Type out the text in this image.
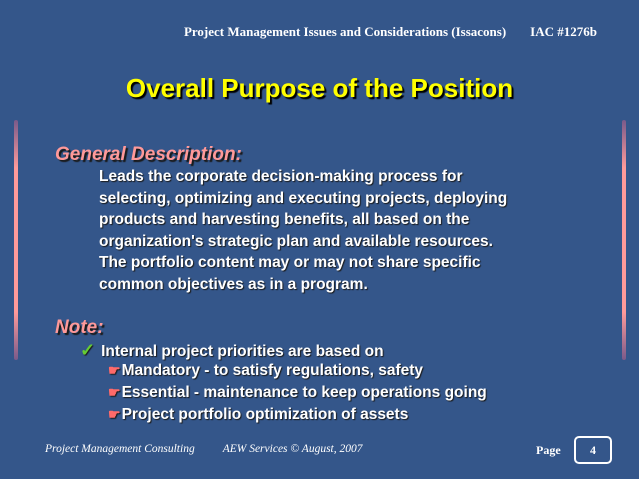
Project Management Issues and Considerations (Issacons) IAC #1276b
Overall Purpose of the Position
General Description:
Leads the corporate decision-making process for
selecting, optimizing and executing projects, deploying
products and harvesting benefits, all based on the
organization's strategic plan and available resources.
The portfolio content may or may not share specific
common objectives as in a program.
Note:
✓ Internal project priorities are based on
☛Mandatory - to satisfy regulations, safety
☛Essential - maintenance to keep operations going
☛Project portfolio optimization of assets
Project Management Consulting AEW Services © August, 2007	Page	4
